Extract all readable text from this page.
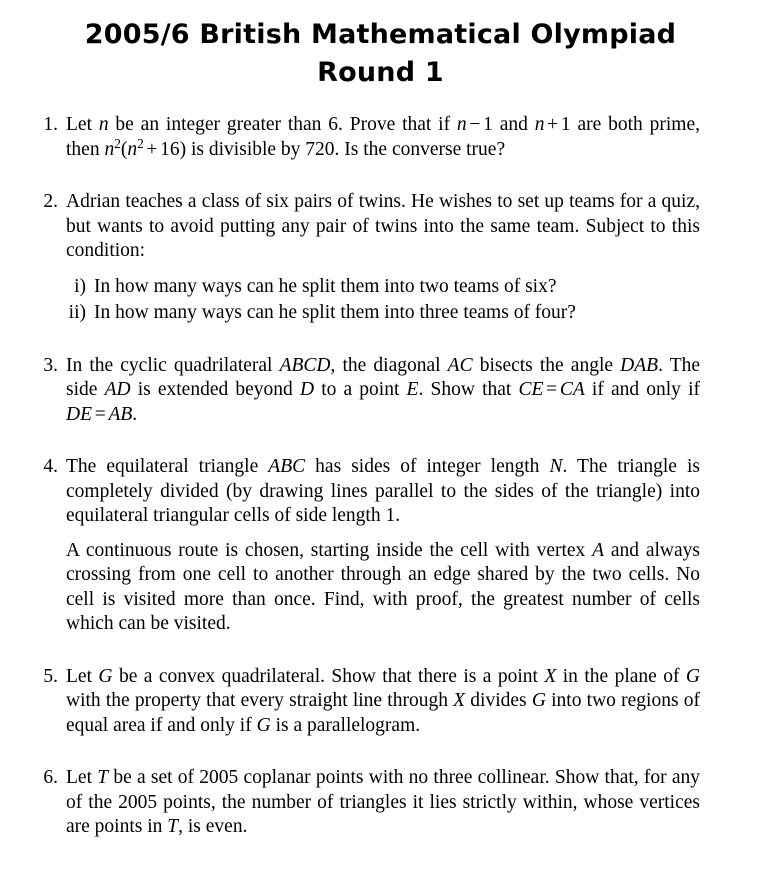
2005/6 British Mathematical Olympiad
Round 1
1. Let n be an integer greater than 6. Prove that if n − 1 and n + 1 are both prime, then $n^2(n^2 + 16)$ is divisible by 720. Is the converse true?

2. Adrian teaches a class of six pairs of twins. He wishes to set up teams for a quiz, but wants to avoid putting any pair of twins into the same team. Subject to this condition:

i) In how many ways can he split them into two teams of six?
ii) In how many ways can he split them into three teams of four?
3. In the cyclic quadrilateral ABCD, the diagonal AC bisects the angle DAB. The side AD is extended beyond D to a point E. Show that CE = CA if and only if DE = AB.

4. The equilateral triangle ABC has sides of integer length N. The triangle is completely divided (by drawing lines parallel to the sides of the triangle) into equilateral triangular cells of side length 1.

A continuous route is chosen, starting inside the cell with vertex A and always crossing from one cell to another through an edge shared by the two cells. No cell is visited more than once. Find, with proof, the greatest number of cells which can be visited.

5. Let G be a convex quadrilateral. Show that there is a point X in the plane of G with the property that every straight line through X divides G into two regions of equal area if and only if G is a parallelogram.

6. Let T be a set of 2005 coplanar points with no three collinear. Show that, for any of the 2005 points, the number of triangles it lies strictly within, whose vertices are points in T, is even.
